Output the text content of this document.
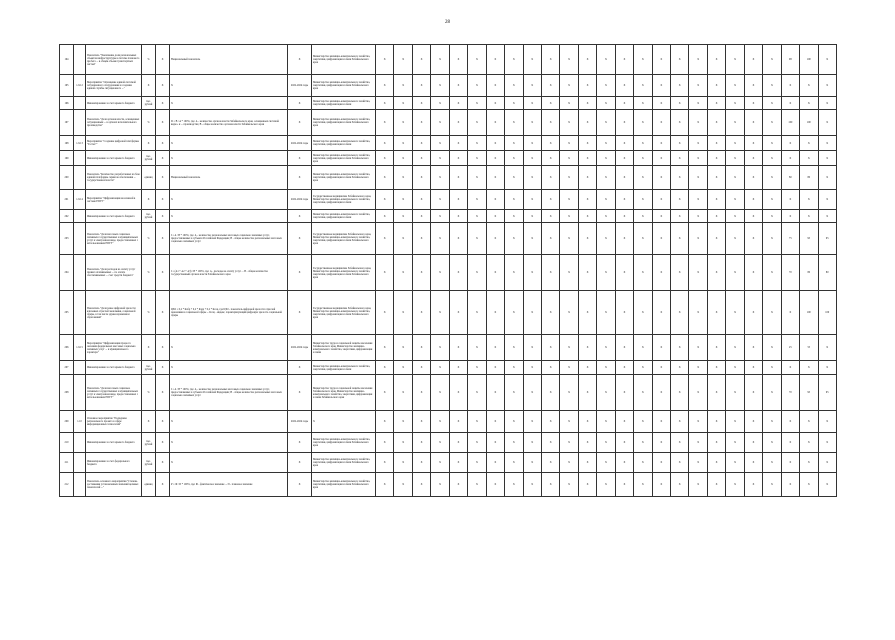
28
194		Показатель "Увеличение доли региональных объектов инфраструктуры в системе планового пробега ... в общем объеме транспортных систем"	%	X	Национальный показатель	X	Министерство жилищно-коммунального хозяйства, энергетики, цифровизации и связи Забайкальского края	X	X	X	X	X	X	X	X	X	X	X	X	X	X	X	X	X	X	X	X	X	X	98	100	X
195	1.9.12	Мероприятие "Оснащение единой системой ситуационного оборудования и создание единой службы ситуационного ..."	X	X	X	2022-2024 годы	Министерство жилищно-коммунального хозяйства, энергетики, цифровизации и связи Забайкальского края	X	X	X	X	X	X	X	X	X	X	X	X	X	X	X	X	X	X	X	X	X	X	X	X	X
196		Финансирование за счет краевого бюджета	тыс. рублей	X	X	X	Министерство жилищно-коммунального хозяйства, энергетики, цифровизации и связи	X	X	X	X	X	X	X	X	X	X	X	X	X	X	X	X	X	X	X	X	X	X	X	X	X
197		Показатель "Доля органов власти, оснащенных ситуационным ... в органах исполнительного производства"	%	X	D = B / A * 100%, где: А - количество органов власти Забайкальского края, оснащенных системой видео- и ... производства; B - общее количество органов власти Забайкальского края	X	Министерство жилищно-коммунального хозяйства, энергетики, цифровизации и связи Забайкальского края	X	X	X	X	X	X	X	X	X	X	X	X	X	X	X	X	X	X	X	X	X	X	100	100	X
198	1.9.13	Мероприятие "Создание цифровой платформы "Гостех""	X	X	X	2022-2024 годы	Министерство жилищно-коммунального хозяйства, энергетики, цифровизации и связи	X	X	X	X	X	X	X	X	X	X	X	X	X	X	X	X	X	X	X	X	X	X	X	X	X
199		Финансирование за счет краевого бюджета	тыс. рублей	X	X	X	Министерство жилищно-коммунального хозяйства, энергетики, цифровизации и связи Забайкальского края	X	X	X	X	X	X	X	X	X	X	X	X	X	X	X	X	X	X	X	X	X	X	X	X	X
200		Показатель "Количество разработанных на базе единой платформы сервисов обеспечения ... государственной власти"	единиц	X	Национальный показатель	X	Министерство жилищно-коммунального хозяйства, энергетики, цифровизации и связи Забайкальского края	X	X	X	X	X	X	X	X	X	X	X	X	X	X	X	X	X	X	X	X	X	X	80	80	X
201	1.9.14	Мероприятие "Цифровизация населенной в системе ЕПГУ"	X	X	X	2022-2024 годы	Государственные медицинские Забайкальского края, Министерство жилищно-коммунального хозяйства, энергетики, цифровизации и связи	X	X	X	X	X	X	X	X	X	X	X	X	X	X	X	X	X	X	X	X	X	X	X	X	X
202		Финансирование за счет краевого бюджета	тыс. рублей	X	X	X	Министерство жилищно-коммунального хозяйства, энергетики, цифровизации и связи	X	X	X	X	X	X	X	X	X	X	X	X	X	X	X	X	X	X	X	X	X	X	X	X	X
203		Показатель "Доля массовых социально значимых государственных и муниципальных услуг в электронном виде, предоставленных с использованием ЕПГУ"	%	X	I = A / B * 100%, где: А - количество региональных массовых социально значимых услуг, предоставляемых в субъекте Российской Федерации; В - общее количество региональных массовых социально значимых услуг	X	Государственные медицинские Забайкальского края, Министерство жилищно-коммунального хозяйства, энергетики, цифровизации и связи Забайкальского края	X	X	X	X	X	X	X	X	X	X	X	X	X	X	X	X	X	X	X	X	X	X	75	95	95
204		Показатель "Доля расходов на оплату услуг правил оплачиваемых ... по оплате обеспечиваемых ... счет средств бюджета"	%	X	I = (А1 + А2 + А3) / B * 100%, где: А - расходы на оплату услуг ... В - общее количество государственный органов власти Забайкальского края	X	Государственные медицинские Забайкальского края, Министерство жилищно-коммунального хозяйства, энергетики, цифровизации и связи Забайкальского края	X	X	X	X	X	X	X	X	X	X	X	X	X	X	X	X	X	X	X	X	X	X	70	80	80
205		Показатель "Доля ранее цифровой зрелости ключевых отраслей экономики, социальной сферы, в том числе здравоохранения и образования"	%	X	ЦЗО = 0,2 * Кобр + 0,2 * Кздр + 0,2 * Ксоц, где ЦЗО - показатель цифровой зрелости отраслей экономики и социальной сферы ... Ксоц - индекс, характеризующий цифровую зрелость социальной сферы	X	Государственные медицинские Забайкальского края, Министерство жилищно-коммунального хозяйства, энергетики, цифровизации и связи Забайкальского края	X	X	X	X	X	X	X	X	X	X	X	X	X	X	X	X	X	X	X	X	X	X	X	100	100
206	1.9.15	Мероприятие "Цифровизация процесса оказания федеральных массовых социально значимых услуг ... и муниципального характера"	X	X	X	2022-2024 годы	Министерство труда и социальной защиты населения Забайкальского края, Министерство жилищно-коммунального хозяйства, энергетики, цифровизации и связи	X	X	X	X	X	X	X	X	X	X	X	X	X	X	X	X	X	X	X	X	X	X	25	55	X
207		Финансирование за счет краевого бюджета	тыс. рублей	X	X	X	Министерство жилищно-коммунального хозяйства, энергетики, цифровизации и связи	X	X	X	X	X	X	X	X	X	X	X	X	X	X	X	X	X	X	X	X	X	X	X	X	X
208		Показатель "Доля массовых социально значимых государственных и муниципальных услуг в электронном виде, предоставленных с использованием ЕПГУ"	%	X	I = A / B * 100%, где: А - количество региональных массовых социально значимых услуг, предоставляемых в субъекте Российской Федерации; В - общее количество региональных массовых социально значимых услуг	X	Министерство труда и социальной защиты населения Забайкальского края, Министерство жилищно-коммунального хозяйства, энергетики, цифровизации и связи Забайкальского края	X	X	X	X	X	X	X	X	X	X	X	X	X	X	X	X	X	X	X	X	X	X	70	95	95
209	1.10	Основное мероприятие "Поддержка регионального проекта в сфере информационных технологий"	X	X	X	2022-2024 годы	X	X	X	X	X	X	X	X	X	X	X	X	X	X	X	X	X	X	X	X	X	X	X	X	X	X
210		Финансирование за счет краевого бюджета	тыс. рублей	X	X	X	Министерство жилищно-коммунального хозяйства, энергетики, цифровизации и связи Забайкальского края	X	X	X	X	X	X	X	X	X	X	X	X	X	X	X	X	X	X	X	X	X	X	X	X	X
211		Финансирование за счет федерального бюджета	тыс. рублей	X	X	X	Министерство жилищно-коммунального хозяйства, энергетики, цифровизации и связи Забайкальского края	X	X	X	X	X	X	X	X	X	X	X	X	X	X	X	X	X	X	X	X	X	X	X	X	X
212		Показатель основного мероприятия "Степень достижения установленных значений целевых показателей ..."	единиц	X	Р = Ф / П * 100%, где: Ф - фактическое значение ... П - плановое значение	X	Министерство жилищно-коммунального хозяйства, энергетики, цифровизации и связи Забайкальского края	X	X	X	X	X	X	X	X	X	X	X	X	X	X	X	X	X	X	X	X	X	X	X	X	X
